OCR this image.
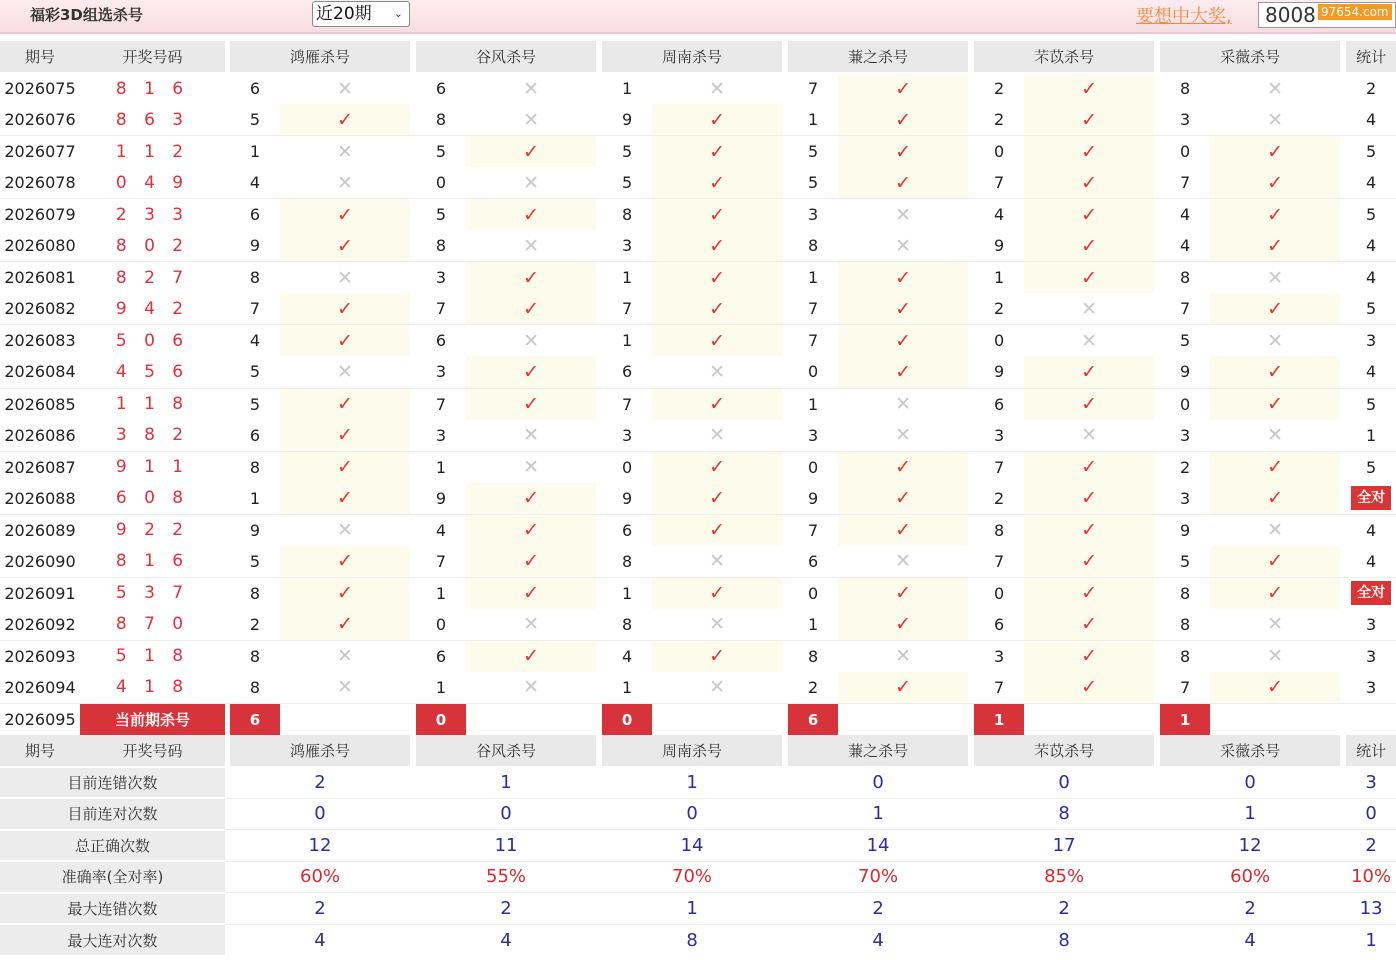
福彩3D组选杀号	近20期 ⌄	要想中大奖,	8008 97654.com
期号	开奖号码		鸿雁杀号			谷风杀号			周南杀号			蒹之杀号			芣苡杀号			采薇杀号			统计
2026075	8 1 6		6	✕		6	✕		1	✕		7	✓		2	✓		8	✕		2
2026076	8 6 3		5	✓		8	✕		9	✓		1	✓		2	✓		3	✕		4
2026077	1 1 2		1	✕		5	✓		5	✓		5	✓		0	✓		0	✓		5
2026078	0 4 9		4	✕		0	✕		5	✓		5	✓		7	✓		7	✓		4
2026079	2 3 3		6	✓		5	✓		8	✓		3	✕		4	✓		4	✓		5
2026080	8 0 2		9	✓		8	✕		3	✓		8	✕		9	✓		4	✓		4
2026081	8 2 7		8	✕		3	✓		1	✓		1	✓		1	✓		8	✕		4
2026082	9 4 2		7	✓		7	✓		7	✓		7	✓		2	✕		7	✓		5
2026083	5 0 6		4	✓		6	✕		1	✓		7	✓		0	✕		5	✕		3
2026084	4 5 6		5	✕		3	✓		6	✕		0	✓		9	✓		9	✓		4
2026085	1 1 8		5	✓		7	✓		7	✓		1	✕		6	✓		0	✓		5
2026086	3 8 2		6	✓		3	✕		3	✕		3	✕		3	✕		3	✕		1
2026087	9 1 1		8	✓		1	✕		0	✓		0	✓		7	✓		2	✓		5
2026088	6 0 8		1	✓		9	✓		9	✓		9	✓		2	✓		3	✓		全对
2026089	9 2 2		9	✕		4	✓		6	✓		7	✓		8	✓		9	✕		4
2026090	8 1 6		5	✓		7	✓		8	✕		6	✕		7	✓		5	✓		4
2026091	5 3 7		8	✓		1	✓		1	✓		0	✓		0	✓		8	✓		全对
2026092	8 7 0		2	✓		0	✕		8	✕		1	✓		6	✓		8	✕		3
2026093	5 1 8		8	✕		6	✓		4	✓		8	✕		3	✓		8	✕		3
2026094	4 1 8		8	✕		1	✕		1	✕		2	✓		7	✓		7	✓		3
2026095	当前期杀号		6			0			0			6			1			1			
期号	开奖号码		鸿雁杀号			谷风杀号			周南杀号			蒹之杀号			芣苡杀号			采薇杀号			统计
目前连错次数			2			1			1			0			0			0			3
目前连对次数			0			0			0			1			8			1			0
总正确次数			12			11			14			14			17			12			2
准确率(全对率)			60%			55%			70%			70%			85%			60%			10%
最大连错次数			2			2			1			2			2			2			13
最大连对次数			4			4			8			4			8			4			1
